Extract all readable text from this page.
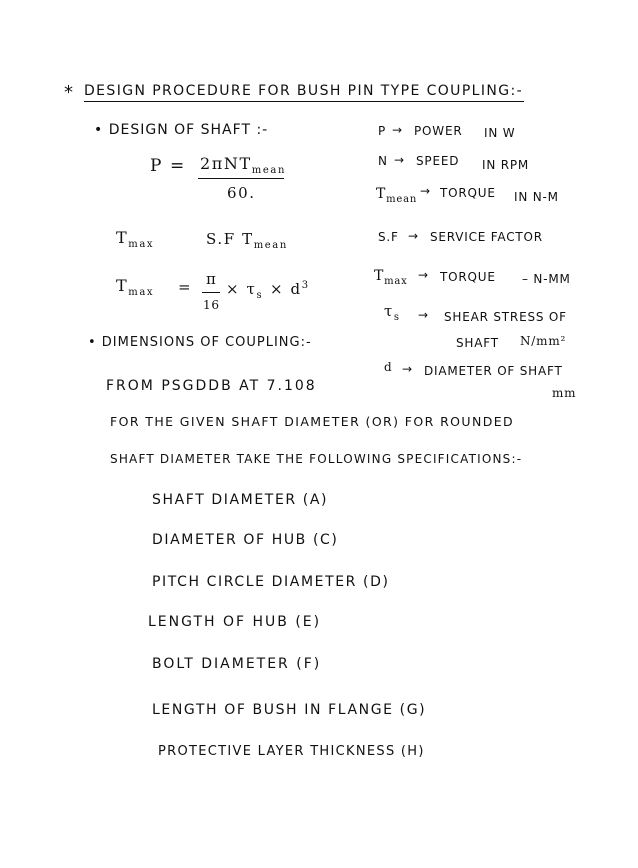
* DESIGN PROCEDURE FOR BUSH PIN TYPE COUPLING:-
• DESIGN OF SHAFT :-
P = 2πNT$_{mean}$
60.
$T_{max}$	S.F $T_{mean}$
$T_{max} = \pi$
16
× $\tau_s \times d^3$
P → POWER IN W
N → SPEED IN RPM
$T_{mean}$
→ TORQUE IN N-M
S.F → SERVICE FACTOR
$T_{max}$ → TORQUE – N-MM
$\tau_s$ → SHEAR STRESS OF
SHAFT N/mm²
d → DIAMETER OF SHAFT
mm
• DIMENSIONS OF COUPLING:-
FROM PSGDDB AT 7.108
FOR THE GIVEN SHAFT DIAMETER (OR) FOR ROUNDED
SHAFT DIAMETER TAKE THE FOLLOWING SPECIFICATIONS:-
SHAFT DIAMETER (A)
DIAMETER OF HUB (C)
PITCH CIRCLE DIAMETER (D)
LENGTH OF HUB (E)
BOLT DIAMETER (F)
LENGTH OF BUSH IN FLANGE (G)
PROTECTIVE LAYER THICKNESS (H)
